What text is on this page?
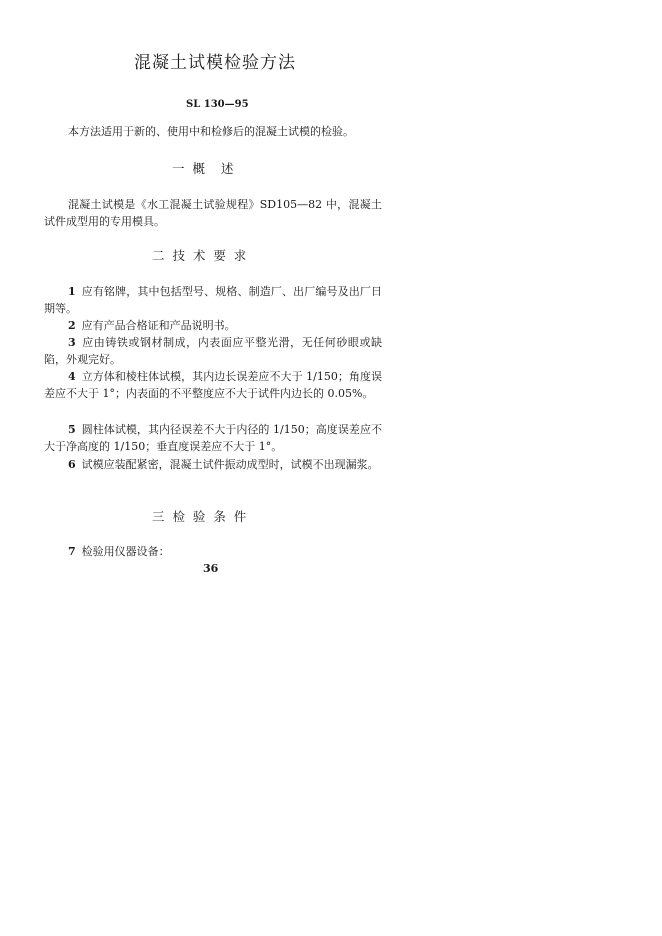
混凝土试模检验方法
SL 130—95
本方法适用于新的、使用中和检修后的混凝土试模的检验。
一  概    述
混凝土试模是《水工混凝土试验规程》SD105—82 中，混凝土试件成型用的专用模具。
二  技  术  要  求
1 应有铭牌，其中包括型号、规格、制造厂、出厂编号及出厂日期等。
2 应有产品合格证和产品说明书。
3 应由铸铁或钢材制成，内表面应平整光滑，无任何砂眼或缺陷，外观完好。
4 立方体和棱柱体试模，其内边长误差应不大于 1/150；角度误差应不大于 1°；内表面的不平整度应不大于试件内边长的 0.05%。
5 圆柱体试模，其内径误差不大于内径的 1/150；高度误差应不大于净高度的 1/150；垂直度误差应不大于 1°。
6 试模应装配紧密，混凝土试件振动成型时，试模不出现漏浆。
三  检  验  条  件
7 检验用仪器设备：
36
